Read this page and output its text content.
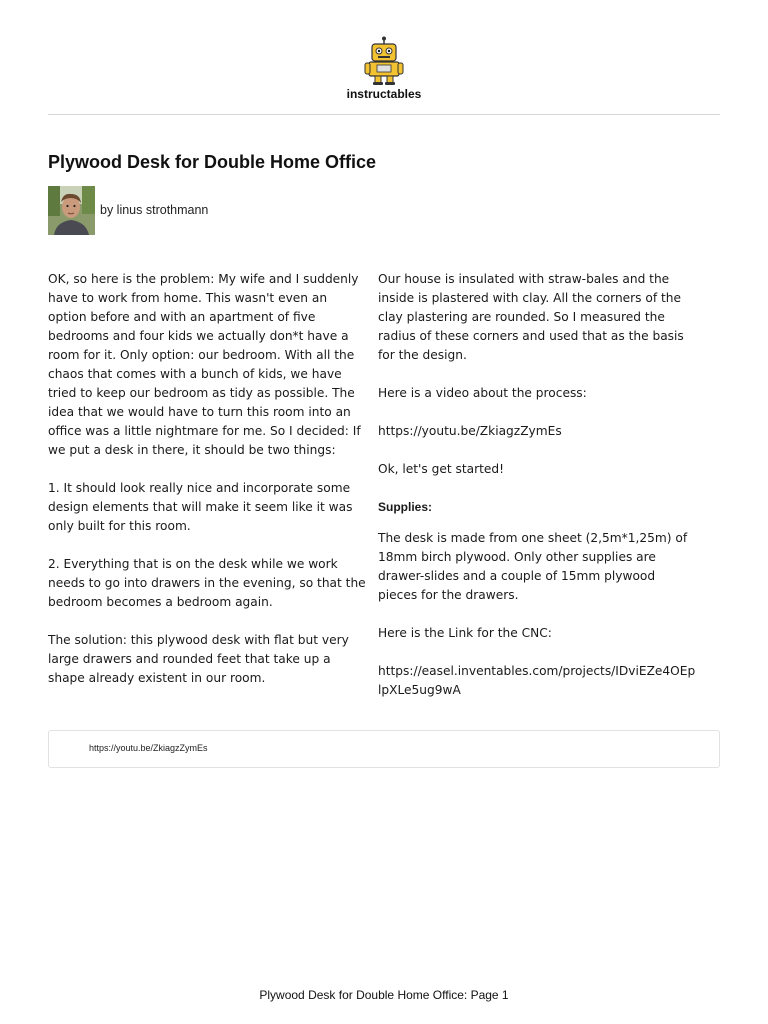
instructables
Plywood Desk for Double Home Office
by linus strothmann

OK, so here is the problem: My wife and I suddenly have to work from home. This wasn't even an option before and with an apartment of five bedrooms and four kids we actually don*t have a room for it. Only option: our bedroom. With all the chaos that comes with a bunch of kids, we have tried to keep our bedroom as tidy as possible. The idea that we would have to turn this room into an office was a little nightmare for me. So I decided: If we put a desk in there, it should be two things:

1. It should look really nice and incorporate some design elements that will make it seem like it was only built for this room.

2. Everything that is on the desk while we work needs to go into drawers in the evening, so that the bedroom becomes a bedroom again.

The solution: this plywood desk with flat but very large drawers and rounded feet that take up a shape already existent in our room.

Our house is insulated with straw-bales and the inside is plastered with clay. All the corners of the clay plastering are rounded. So I measured the radius of these corners and used that as the basis for the design.

Here is a video about the process:

https://youtu.be/ZkiagzZymEs

Ok, let's get started!

Supplies:

The desk is made from one sheet (2,5m*1,25m) of 18mm birch plywood. Only other supplies are drawer-slides and a couple of 15mm plywood pieces for the drawers.

Here is the Link for the CNC:

https://easel.inventables.com/projects/IDviEZe4OEplpXLe5ug9wA

https://youtu.be/ZkiagzZymEs
Plywood Desk for Double Home Office: Page 1
